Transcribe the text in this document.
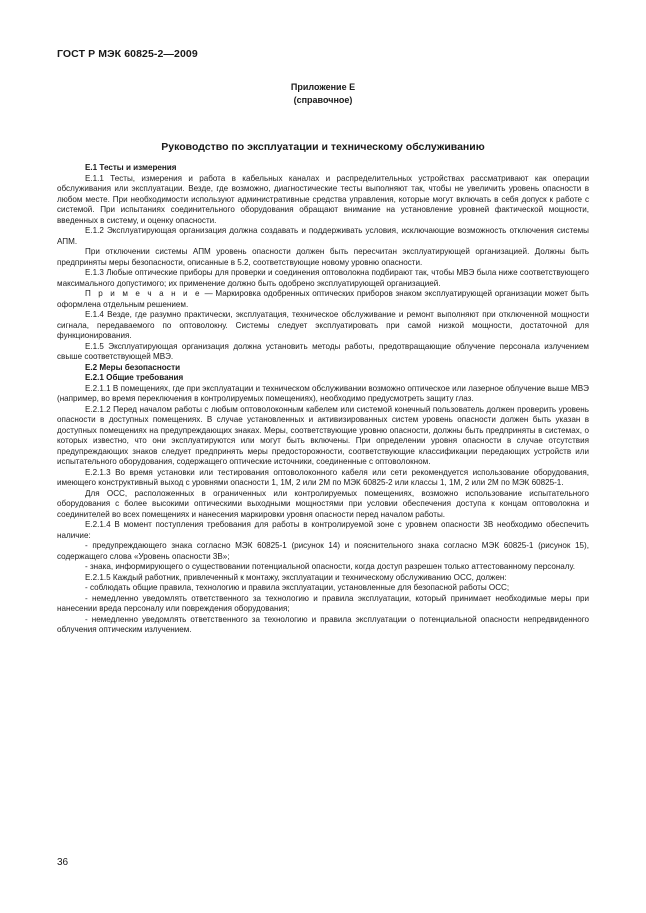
ГОСТ Р МЭК 60825-2—2009
Приложение Е
(справочное)
Руководство по эксплуатации и техническому обслуживанию

Е.1 Тесты и измерения

Е.1.1 Тесты, измерения и работа в кабельных каналах и распределительных устройствах рассматривают как операции обслуживания или эксплуатации. Везде, где возможно, диагностические тесты выполняют так, чтобы не увеличить уровень опасности в любом месте. При необходимости используют административные средства управления, которые могут включать в себя допуск к работе с системой. При испытаниях соединительного оборудования обращают внимание на установление уровней фактической мощности, введенных в систему, и оценку опасности.

Е.1.2 Эксплуатирующая организация должна создавать и поддерживать условия, исключающие возможность отключения системы АПМ.

При отключении системы АПМ уровень опасности должен быть пересчитан эксплуатирующей организацией. Должны быть предприняты меры безопасности, описанные в 5.2, соответствующие новому уровню опасности.

Е.1.3 Любые оптические приборы для проверки и соединения оптоволокна подбирают так, чтобы МВЭ была ниже соответствующего максимального допустимого; их применение должно быть одобрено эксплуатирующей организацией.

П р и м е ч а н и е — Маркировка одобренных оптических приборов знаком эксплуатирующей организации может быть оформлена отдельным решением.

Е.1.4 Везде, где разумно практически, эксплуатация, техническое обслуживание и ремонт выполняют при отключенной мощности сигнала, передаваемого по оптоволокну. Системы следует эксплуатировать при самой низкой мощности, достаточной для функционирования.

Е.1.5 Эксплуатирующая организация должна установить методы работы, предотвращающие облучение персонала излучением свыше соответствующей МВЭ.

Е.2 Меры безопасности

Е.2.1 Общие требования

Е.2.1.1 В помещениях, где при эксплуатации и техническом обслуживании возможно оптическое или лазерное облучение выше МВЭ (например, во время переключения в контролируемых помещениях), необходимо предусмотреть защиту глаз.

Е.2.1.2 Перед началом работы с любым оптоволоконным кабелем или системой конечный пользователь должен проверить уровень опасности в доступных помещениях. В случае установленных и активизированных систем уровень опасности должен быть указан в доступных помещениях на предупреждающих знаках. Меры, соответствующие уровню опасности, должны быть предприняты в системах, о которых известно, что они эксплуатируются или могут быть включены. При определении уровня опасности в случае отсутствия предупреждающих знаков следует предпринять меры предосторожности, соответствующие классификации передающих устройств или испытательного оборудования, содержащего оптические источники, соединенные с оптоволокном.

Е.2.1.3 Во время установки или тестирования оптоволоконного кабеля или сети рекомендуется использование оборудования, имеющего конструктивный выход с уровнями опасности 1, 1М, 2 или 2М по МЭК 60825-2 или классы 1, 1М, 2 или 2М по МЭК 60825-1.

Для ОСС, расположенных в ограниченных или контролируемых помещениях, возможно использование испытательного оборудования с более высокими оптическими выходными мощностями при условии обеспечения доступа к концам оптоволокна и соединителей во всех помещениях и нанесения маркировки уровня опасности перед началом работы.

Е.2.1.4 В момент поступления требования для работы в контролируемой зоне с уровнем опасности 3В необходимо обеспечить наличие:

- предупреждающего знака согласно МЭК 60825-1 (рисунок 14) и пояснительного знака согласно МЭК 60825-1 (рисунок 15), содержащего слова «Уровень опасности 3В»;

- знака, информирующего о существовании потенциальной опасности, когда доступ разрешен только аттестованному персоналу.

Е.2.1.5 Каждый работник, привлеченный к монтажу, эксплуатации и техническому обслуживанию ОСС, должен:

- соблюдать общие правила, технологию и правила эксплуатации, установленные для безопасной работы ОСС;

- немедленно уведомлять ответственного за технологию и правила эксплуатации, который принимает необходимые меры при нанесении вреда персоналу или повреждения оборудования;

- немедленно уведомлять ответственного за технологию и правила эксплуатации о потенциальной опасности непредвиденного облучения оптическим излучением.

36
